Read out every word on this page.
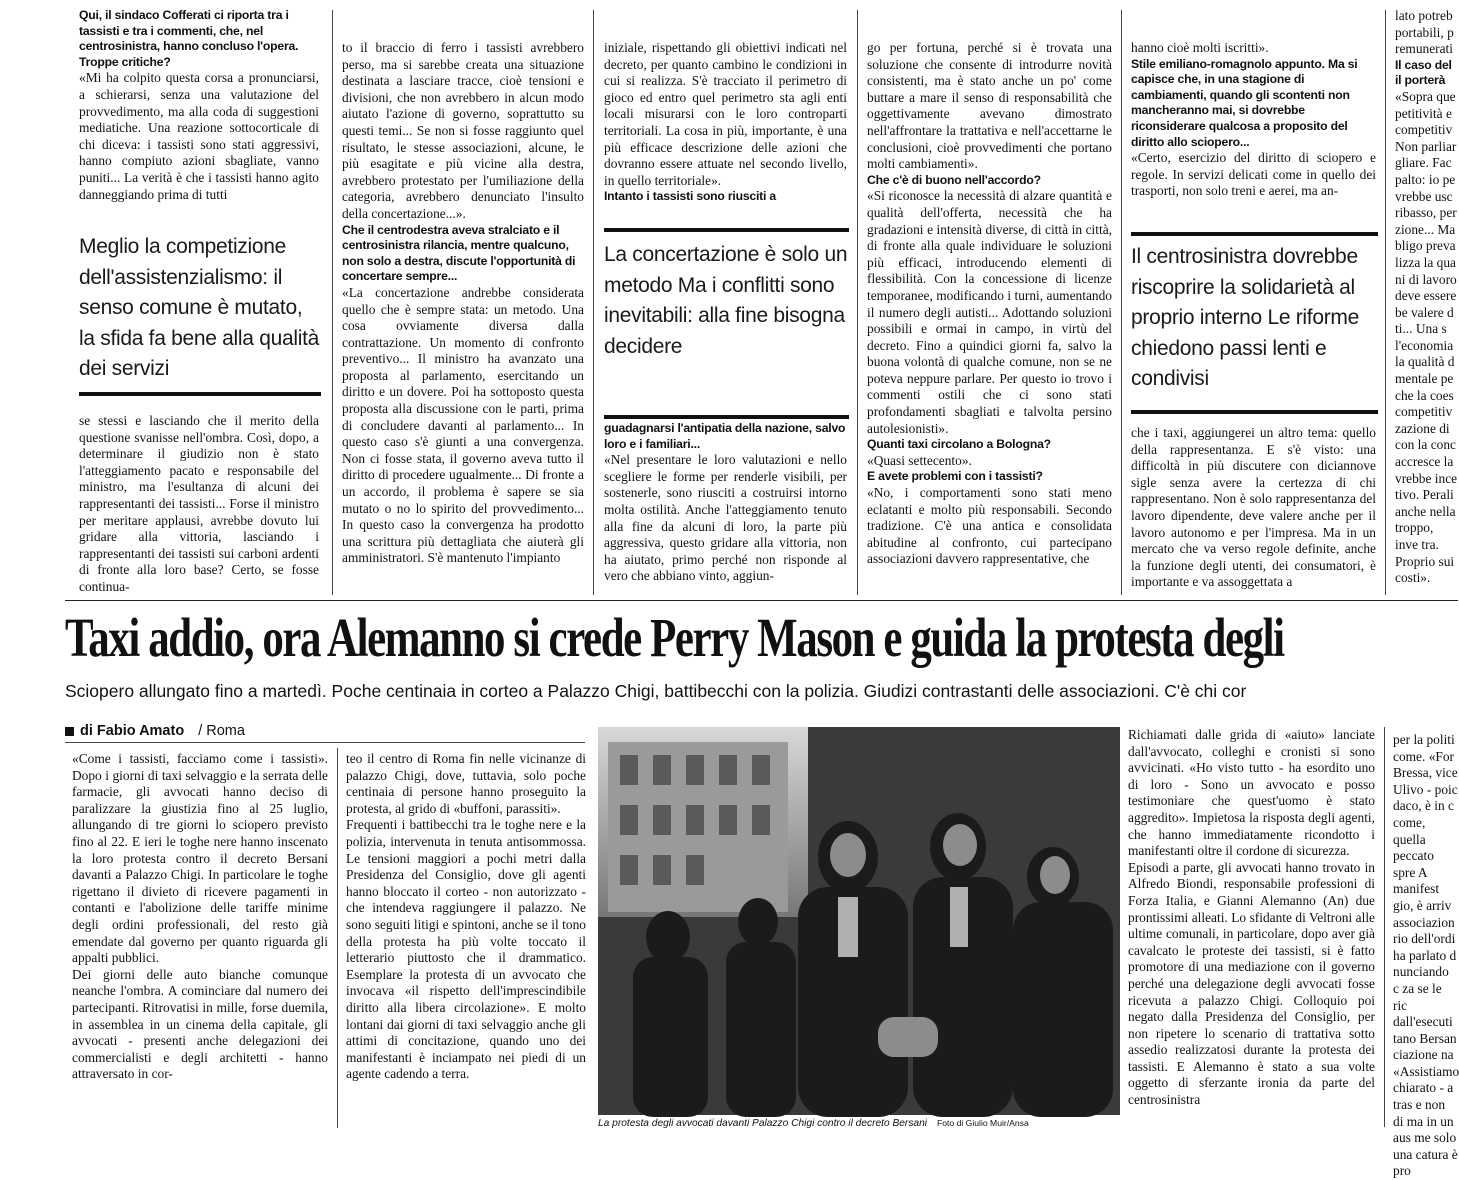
Qui, il sindaco Cofferati ci riporta tra i tassisti e tra i commenti, che, nel centrosinistra, hanno concluso l'opera. Troppe critiche?

«Mi ha colpito questa corsa a pronunciarsi, a schierarsi, senza una valutazione del provvedimento, ma alla coda di suggestioni mediatiche. Una reazione sottocorticale di chi diceva: i tassisti sono stati aggressivi, hanno compiuto azioni sbagliate, vanno puniti... La verità è che i tassisti hanno agito danneggiando prima di tutti

Meglio la competizione dell'assistenzialismo: il senso comune è mutato, la sfida fa bene alla qualità dei servizi

se stessi e lasciando che il merito della questione svanisse nell'ombra. Così, dopo, a determinare il giudizio non è stato l'atteggiamento pacato e responsabile del ministro, ma l'esultanza di alcuni dei rappresentanti dei tassisti... Forse il ministro per meritare applausi, avrebbe dovuto lui gridare alla vittoria, lasciando i rappresentanti dei tassisti sui carboni ardenti di fronte alla loro base? Certo, se fosse continua-

to il braccio di ferro i tassisti avrebbero perso, ma si sarebbe creata una situazione destinata a lasciare tracce, cioè tensioni e divisioni, che non avrebbero in alcun modo aiutato l'azione di governo, soprattutto su questi temi... Se non si fosse raggiunto quel risultato, le stesse associazioni, alcune, le più esagitate e più vicine alla destra, avrebbero protestato per l'umiliazione della categoria, avrebbero denunciato l'insulto della concertazione...».

Che il centrodestra aveva stralciato e il centrosinistra rilancia, mentre qualcuno, non solo a destra, discute l'opportunità di concertare sempre...

«La concertazione andrebbe considerata quello che è sempre stata: un metodo. Una cosa ovviamente diversa dalla contrattazione. Un momento di confronto preventivo... Il ministro ha avanzato una proposta al parlamento, esercitando un diritto e un dovere. Poi ha sottoposto questa proposta alla discussione con le parti, prima di concludere davanti al parlamento... In questo caso s'è giunti a una convergenza. Non ci fosse stata, il governo aveva tutto il diritto di procedere ugualmente... Di fronte a un accordo, il problema è sapere se sia mutato o no lo spirito del provvedimento... In questo caso la convergenza ha prodotto una scrittura più dettagliata che aiuterà gli amministratori. S'è mantenuto l'impianto

iniziale, rispettando gli obiettivi indicati nel decreto, per quanto cambino le condizioni in cui si realizza. S'è tracciato il perimetro di gioco ed entro quel perimetro sta agli enti locali misurarsi con le loro controparti territoriali. La cosa in più, importante, è una più efficace descrizione delle azioni che dovranno essere attuate nel secondo livello, in quello territoriale».

Intanto i tassisti sono riusciti a

La concertazione è solo un metodo Ma i conflitti sono inevitabili: alla fine bisogna decidere

guadagnarsi l'antipatia della nazione, salvo loro e i familiari...

«Nel presentare le loro valutazioni e nello scegliere le forme per renderle visibili, per sostenerle, sono riusciti a costruirsi intorno molta ostilità. Anche l'atteggiamento tenuto alla fine da alcuni di loro, la parte più aggressiva, questo gridare alla vittoria, non ha aiutato, primo perché non risponde al vero che abbiano vinto, aggiun-

go per fortuna, perché si è trovata una soluzione che consente di introdurre novità consistenti, ma è stato anche un po' come buttare a mare il senso di responsabilità che oggettivamente avevano dimostrato nell'affrontare la trattativa e nell'accettarne le conclusioni, cioè provvedimenti che portano molti cambiamenti».

Che c'è di buono nell'accordo?

«Si riconosce la necessità di alzare quantità e qualità dell'offerta, necessità che ha gradazioni e intensità diverse, di città in città, di fronte alla quale individuare le soluzioni più efficaci, introducendo elementi di flessibilità. Con la concessione di licenze temporanee, modificando i turni, aumentando il numero degli autisti... Adottando soluzioni possibili e ormai in campo, in virtù del decreto. Fino a quindici giorni fa, salvo la buona volontà di qualche comune, non se ne poteva neppure parlare. Per questo io trovo i commenti ostili che ci sono stati profondamenti sbagliati e talvolta persino autolesionisti».

Quanti taxi circolano a Bologna?

«Quasi settecento».

E avete problemi con i tassisti?

«No, i comportamenti sono stati meno eclatanti e molto più responsabili. Secondo tradizione. C'è una antica e consolidata abitudine al confronto, cui partecipano associazioni davvero rappresentative, che

hanno cioè molti iscritti».

Stile emiliano-romagnolo appunto. Ma si capisce che, in una stagione di cambiamenti, quando gli scontenti non mancheranno mai, si dovrebbe riconsiderare qualcosa a proposito del diritto allo sciopero...

«Certo, esercizio del diritto di sciopero e regole. In servizi delicati come in quello dei trasporti, non solo treni e aerei, ma an-

Il centrosinistra dovrebbe riscoprire la solidarietà al proprio interno Le riforme chiedono passi lenti e condivisi

che i taxi, aggiungerei un altro tema: quello della rappresentanza. E s'è visto: una difficoltà in più discutere con diciannove sigle senza avere la certezza di chi rappresentano. Non è solo rappresentanza del lavoro dipendente, deve valere anche per il lavoro autonomo e per l'impresa. Ma in un mercato che va verso regole definite, anche la funzione degli utenti, dei consumatori, è importante e va assoggettata a

lato potreb portabili, p remunerati

Il caso del il porterà

«Sopra que petitività e competitiv Non parliar gliare. Fac palto: io pe vrebbe usc ribasso, per zione... Ma bligo preva lizza la qua ni di lavoro deve essere be valere d ti... Una s l'economia la qualità d mentale pe che la coes competitiv zazione di con la conc accresce la vrebbe ince tivo. Perali anche nella troppo, inve tra. Proprio sui costi».

Taxi addio, ora Alemanno si crede Perry Mason e guida la protesta degli
Sciopero allungato fino a martedì. Poche centinaia in corteo a Palazzo Chigi, battibecchi con la polizia. Giudizi contrastanti delle associazioni. C'è chi cor
di Fabio Amato / Roma

«Come i tassisti, facciamo come i tassisti». Dopo i giorni di taxi selvaggio e la serrata delle farmacie, gli avvocati hanno deciso di paralizzare la giustizia fino al 25 luglio, allungando di tre giorni lo sciopero previsto fino al 22. E ieri le toghe nere hanno inscenato la loro protesta contro il decreto Bersani davanti a Palazzo Chigi. In particolare le toghe rigettano il divieto di ricevere pagamenti in contanti e l'abolizione delle tariffe minime degli ordini professionali, del resto già emendate dal governo per quanto riguarda gli appalti pubblici.

Dei giorni delle auto bianche comunque neanche l'ombra. A cominciare dal numero dei partecipanti. Ritrovatisi in mille, forse duemila, in assemblea in un cinema della capitale, gli avvocati - presenti anche delegazioni dei commercialisti e degli architetti - hanno attraversato in cor-

teo il centro di Roma fin nelle vicinanze di palazzo Chigi, dove, tuttavia, solo poche centinaia di persone hanno proseguito la protesta, al grido di «buffoni, parassiti».

Frequenti i battibecchi tra le toghe nere e la polizia, intervenuta in tenuta antisommossa. Le tensioni maggiori a pochi metri dalla Presidenza del Consiglio, dove gli agenti hanno bloccato il corteo - non autorizzato - che intendeva raggiungere il palazzo. Ne sono seguiti litigi e spintoni, anche se il tono della protesta ha più volte toccato il letterario piuttosto che il drammatico. Esemplare la protesta di un avvocato che invocava «il rispetto dell'imprescindibile diritto alla libera circolazione». E molto lontani dai giorni di taxi selvaggio anche gli attimi di concitazione, quando uno dei manifestanti è inciampato nei piedi di un agente cadendo a terra.

La protesta degli avvocati davanti Palazzo Chigi contro il decreto Bersani Foto di Giulio Muir/Ansa

Richiamati dalle grida di «aiuto» lanciate dall'avvocato, colleghi e cronisti si sono avvicinati. «Ho visto tutto - ha esordito uno di loro - Sono un avvocato e posso testimoniare che quest'uomo è stato aggredito». Impietosa la risposta degli agenti, che hanno immediatamente ricondotto i manifestanti oltre il cordone di sicurezza.

Episodi a parte, gli avvocati hanno trovato in Alfredo Biondi, responsabile professioni di Forza Italia, e Gianni Alemanno (An) due prontissimi alleati. Lo sfidante di Veltroni alle ultime comunali, in particolare, dopo aver già cavalcato le proteste dei tassisti, si è fatto promotore di una mediazione con il governo perché una delegazione degli avvocati fosse ricevuta a palazzo Chigi. Colloquio poi negato dalla Presidenza del Consiglio, per non ripetere lo scenario di trattativa sotto assedio realizzatosi durante la protesta dei tassisti. E Alemanno è stato a sua volte oggetto di sferzante ironia da parte del centrosinistra

per la politi come. «For Bressa, vice Ulivo - poic daco, è in c come, quella peccato spre A manifest gio, è arriv associazion rio dell'ordi ha parlato d nunciando c za se le ric dall'esecuti tano Bersan ciazione na «Assistiamo chiarato - a tras e non di ma in un aus me solo una catura è pro
